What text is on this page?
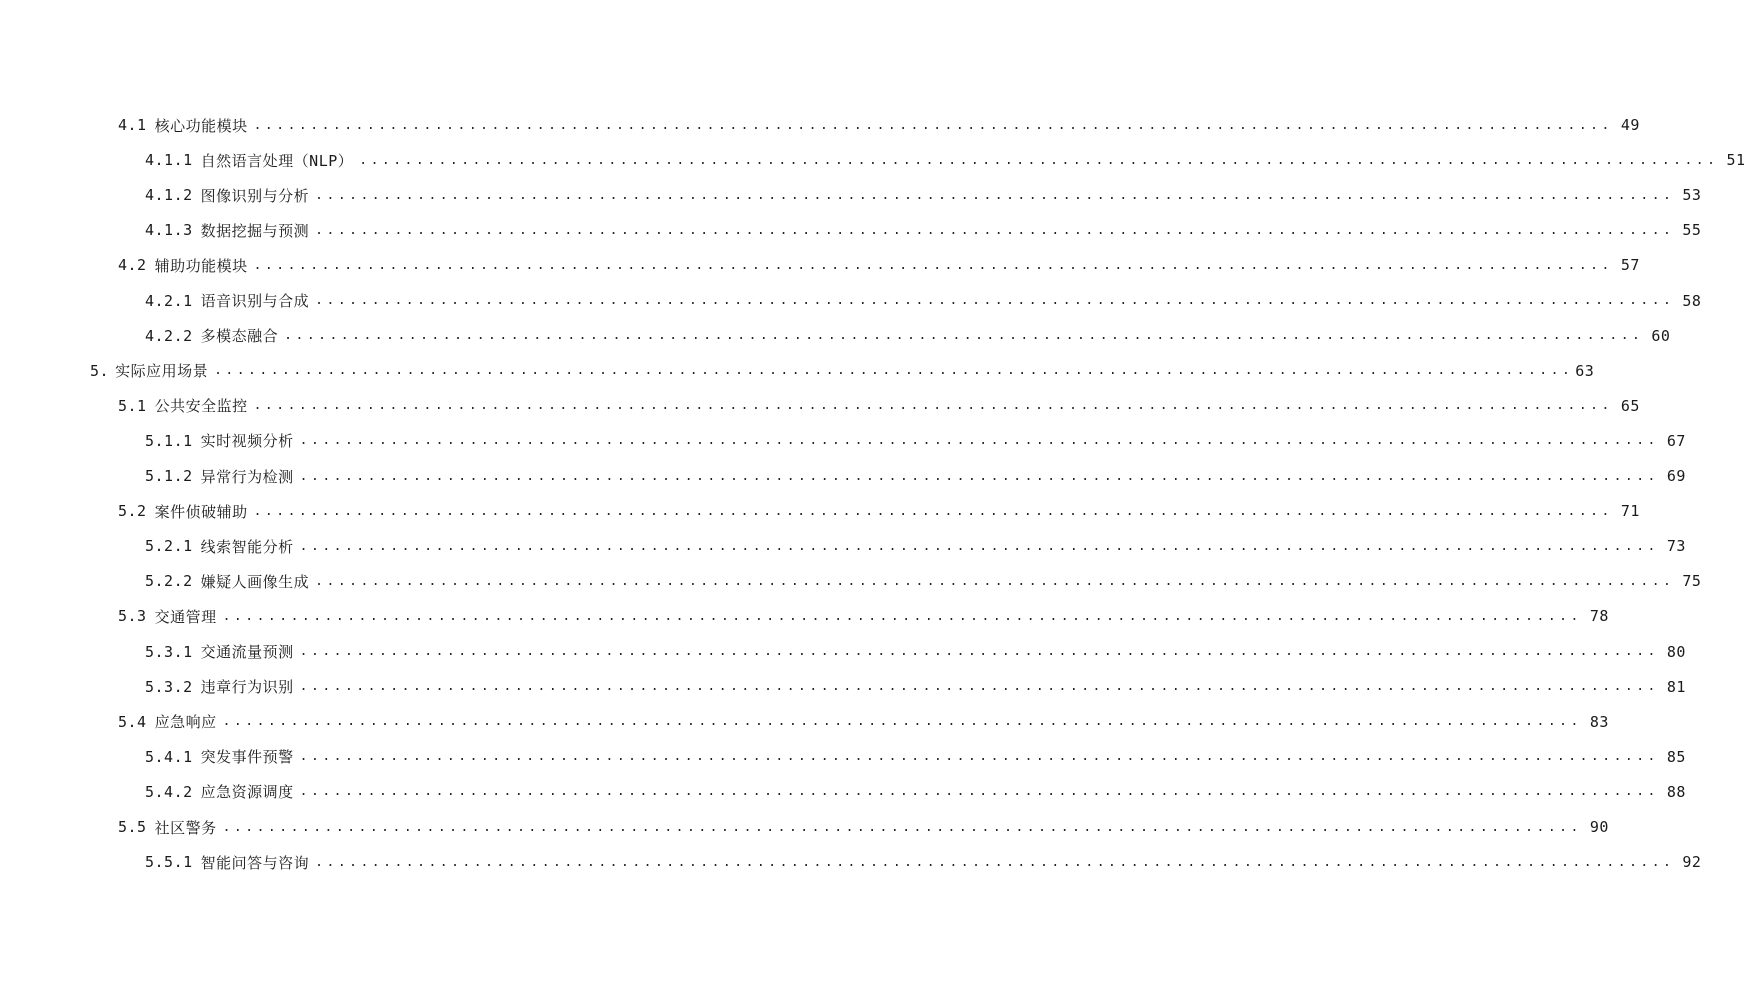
4.1 核心功能模块 ........................................................................................................................ 49
4.1.1 自然语言处理（NLP） ........................................................................................................................ 51
4.1.2 图像识别与分析 ........................................................................................................................ 53
4.1.3 数据挖掘与预测 ........................................................................................................................ 55
4.2 辅助功能模块 ........................................................................................................................ 57
4.2.1 语音识别与合成 ........................................................................................................................ 58
4.2.2 多模态融合 ........................................................................................................................ 60
5. 实际应用场景 ........................................................................................................................ 63
5.1 公共安全监控 ........................................................................................................................ 65
5.1.1 实时视频分析 ........................................................................................................................ 67
5.1.2 异常行为检测 ........................................................................................................................ 69
5.2 案件侦破辅助 ........................................................................................................................ 71
5.2.1 线索智能分析 ........................................................................................................................ 73
5.2.2 嫌疑人画像生成 ........................................................................................................................ 75
5.3 交通管理 ........................................................................................................................ 78
5.3.1 交通流量预测 ........................................................................................................................ 80
5.3.2 违章行为识别 ........................................................................................................................ 81
5.4 应急响应 ........................................................................................................................ 83
5.4.1 突发事件预警 ........................................................................................................................ 85
5.4.2 应急资源调度 ........................................................................................................................ 88
5.5 社区警务 ........................................................................................................................ 90
5.5.1 智能问答与咨询 ........................................................................................................................ 92
